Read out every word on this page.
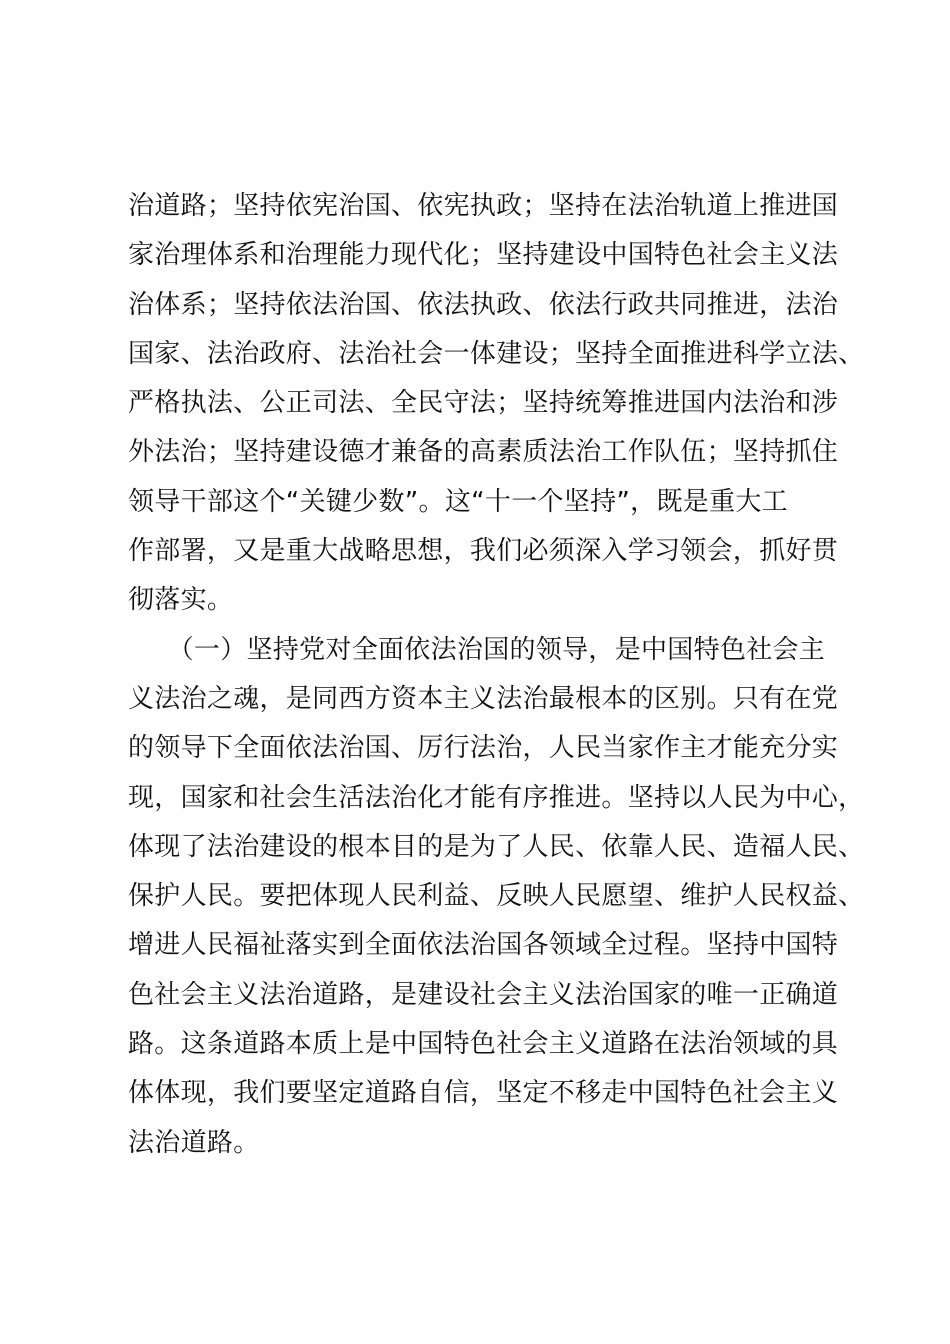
治道路；坚持依宪治国、依宪执政；坚持在法治轨道上推进国
家治理体系和治理能力现代化；坚持建设中国特色社会主义法
治体系；坚持依法治国、依法执政、依法行政共同推进，法治
国家、法治政府、法治社会一体建设；坚持全面推进科学立法、
严格执法、公正司法、全民守法；坚持统筹推进国内法治和涉
外法治；坚持建设德才兼备的高素质法治工作队伍；坚持抓住
领导干部这个“关键少数”。这“十一个坚持”，既是重大工
作部署，又是重大战略思想，我们必须深入学习领会，抓好贯
彻落实。
　　（一）坚持党对全面依法治国的领导，是中国特色社会主
义法治之魂，是同西方资本主义法治最根本的区别。只有在党
的领导下全面依法治国、厉行法治，人民当家作主才能充分实
现，国家和社会生活法治化才能有序推进。坚持以人民为中心，
体现了法治建设的根本目的是为了人民、依靠人民、造福人民、
保护人民。要把体现人民利益、反映人民愿望、维护人民权益、
增进人民福祉落实到全面依法治国各领域全过程。坚持中国特
色社会主义法治道路，是建设社会主义法治国家的唯一正确道
路。这条道路本质上是中国特色社会主义道路在法治领域的具
体体现，我们要坚定道路自信，坚定不移走中国特色社会主义
法治道路。
